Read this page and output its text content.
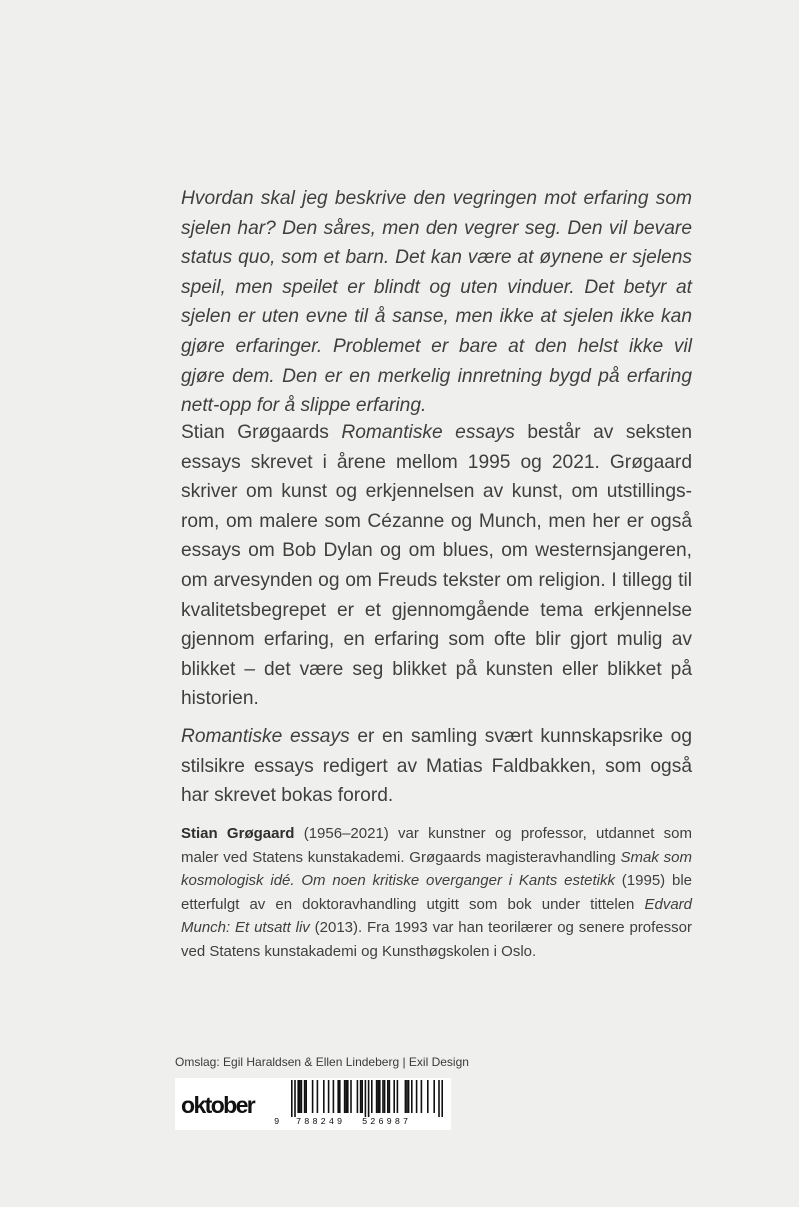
Hvordan skal jeg beskrive den vegringen mot erfaring som sjelen har? Den såres, men den vegrer seg. Den vil bevare status quo, som et barn. Det kan være at øynene er sjelens speil, men speilet er blindt og uten vinduer. Det betyr at sjelen er uten evne til å sanse, men ikke at sjelen ikke kan gjøre erfaringer. Problemet er bare at den helst ikke vil gjøre dem. Den er en merkelig innretning bygd på erfaring nett-opp for å slippe erfaring.

Stian Grøgaards Romantiske essays består av seksten essays skrevet i årene mellom 1995 og 2021. Grøgaard skriver om kunst og erkjennelsen av kunst, om utstillings-rom, om malere som Cézanne og Munch, men her er også essays om Bob Dylan og om blues, om westernsjangeren, om arvesynden og om Freuds tekster om religion. I tillegg til kvalitetsbegrepet er et gjennomgående tema erkjennelse gjennom erfaring, en erfaring som ofte blir gjort mulig av blikket – det være seg blikket på kunsten eller blikket på historien.

Romantiske essays er en samling svært kunnskapsrike og stilsikre essays redigert av Matias Faldbakken, som også har skrevet bokas forord.

Stian Grøgaard (1956–2021) var kunstner og professor, utdannet som maler ved Statens kunstakademi. Grøgaards magisteravhandling Smak som kosmologisk idé. Om noen kritiske overganger i Kants estetikk (1995) ble etterfulgt av en doktoravhandling utgitt som bok under tittelen Edvard Munch: Et utsatt liv (2013). Fra 1993 var han teorilærer og senere professor ved Statens kunstakademi og Kunsthøgskolen i Oslo.

Omslag: Egil Haraldsen & Ellen Lindeberg | Exil Design
oktober
9 788249 526987
